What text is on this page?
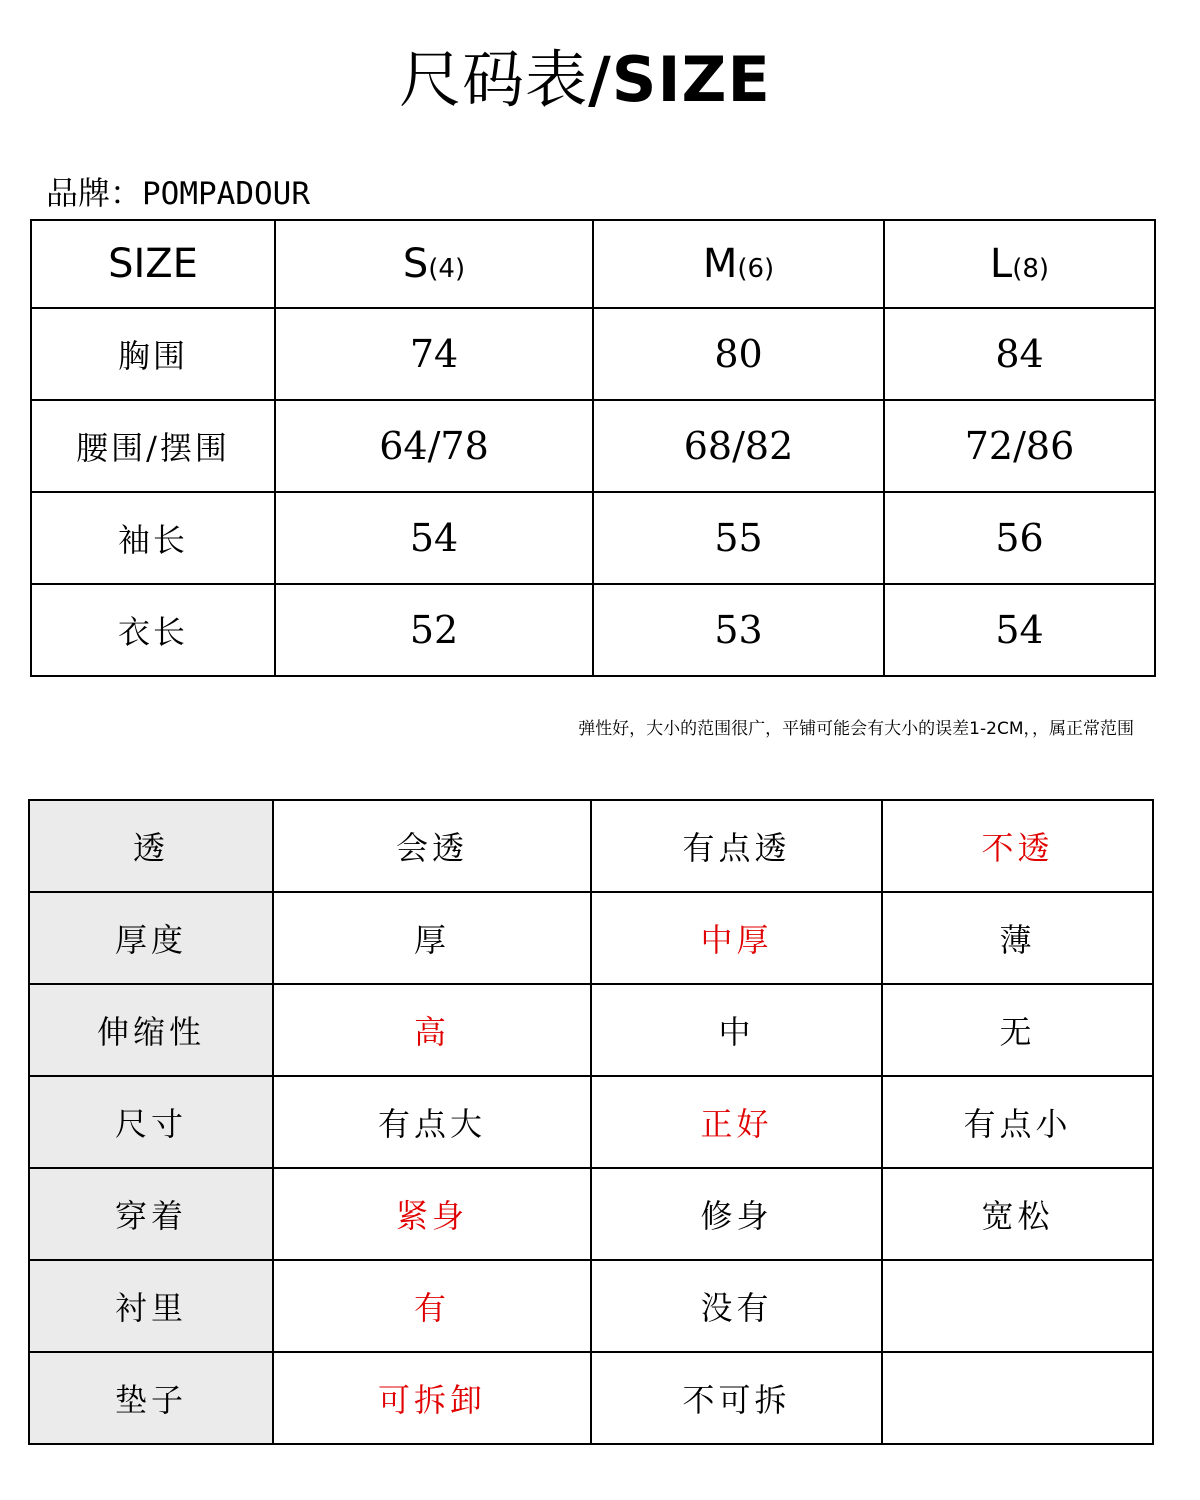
尺码表/SIZE
品牌：POMPADOUR
SIZE	S(4)	M(6)	L(8)
胸围	74	80	84
腰围/摆围	64/78	68/82	72/86
袖长	54	55	56
衣长	52	53	54
弹性好，大小的范围很广，平铺可能会有大小的误差1-2CM，，属正常范围
透	会透	有点透	不透
厚度	厚	中厚	薄
伸缩性	高	中	无
尺寸	有点大	正好	有点小
穿着	紧身	修身	宽松
衬里	有	没有	
垫子	可拆卸	不可拆	
